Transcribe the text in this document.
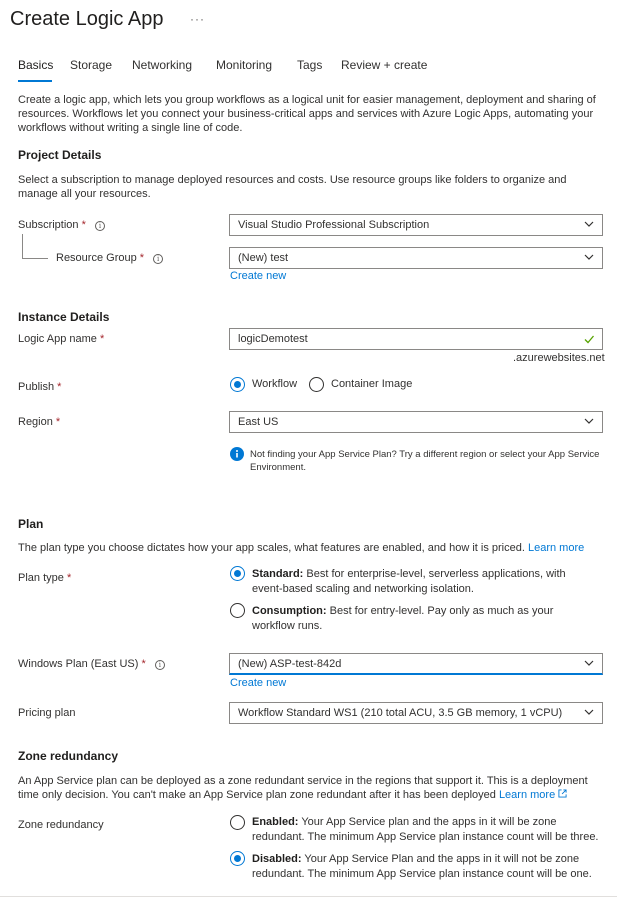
Create Logic App ···
Basics Storage Networking Monitoring Tags Review + create
Create a logic app, which lets you group workflows as a logical unit for easier management, deployment and sharing of resources. Workflows let you connect your business-critical apps and services with Azure Logic Apps, automating your workflows without writing a single line of code.
Project Details
Select a subscription to manage deployed resources and costs. Use resource groups like folders to organize and manage all your resources.
Subscription * i	Visual Studio Professional Subscription
Resource Group * i	(New) test
Create new
Instance Details
Logic App name *	logicDemotest
.azurewebsites.net
Publish *	Workflow	Container Image
Region *	East US
Not finding your App Service Plan? Try a different region or select your App Service Environment.
Plan
The plan type you choose dictates how your app scales, what features are enabled, and how it is priced. Learn more
Plan type *	Standard: Best for enterprise-level, serverless applications, with event-based scaling and networking isolation.
Consumption: Best for entry-level. Pay only as much as your workflow runs.
Windows Plan (East US) * i	(New) ASP-test-842d
Create new
Pricing plan	Workflow Standard WS1 (210 total ACU, 3.5 GB memory, 1 vCPU)
Zone redundancy
An App Service plan can be deployed as a zone redundant service in the regions that support it. This is a deployment time only decision. You can't make an App Service plan zone redundant after it has been deployed Learn more
Zone redundancy	Enabled: Your App Service plan and the apps in it will be zone redundant. The minimum App Service plan instance count will be three.
Disabled: Your App Service Plan and the apps in it will not be zone redundant. The minimum App Service plan instance count will be one.
